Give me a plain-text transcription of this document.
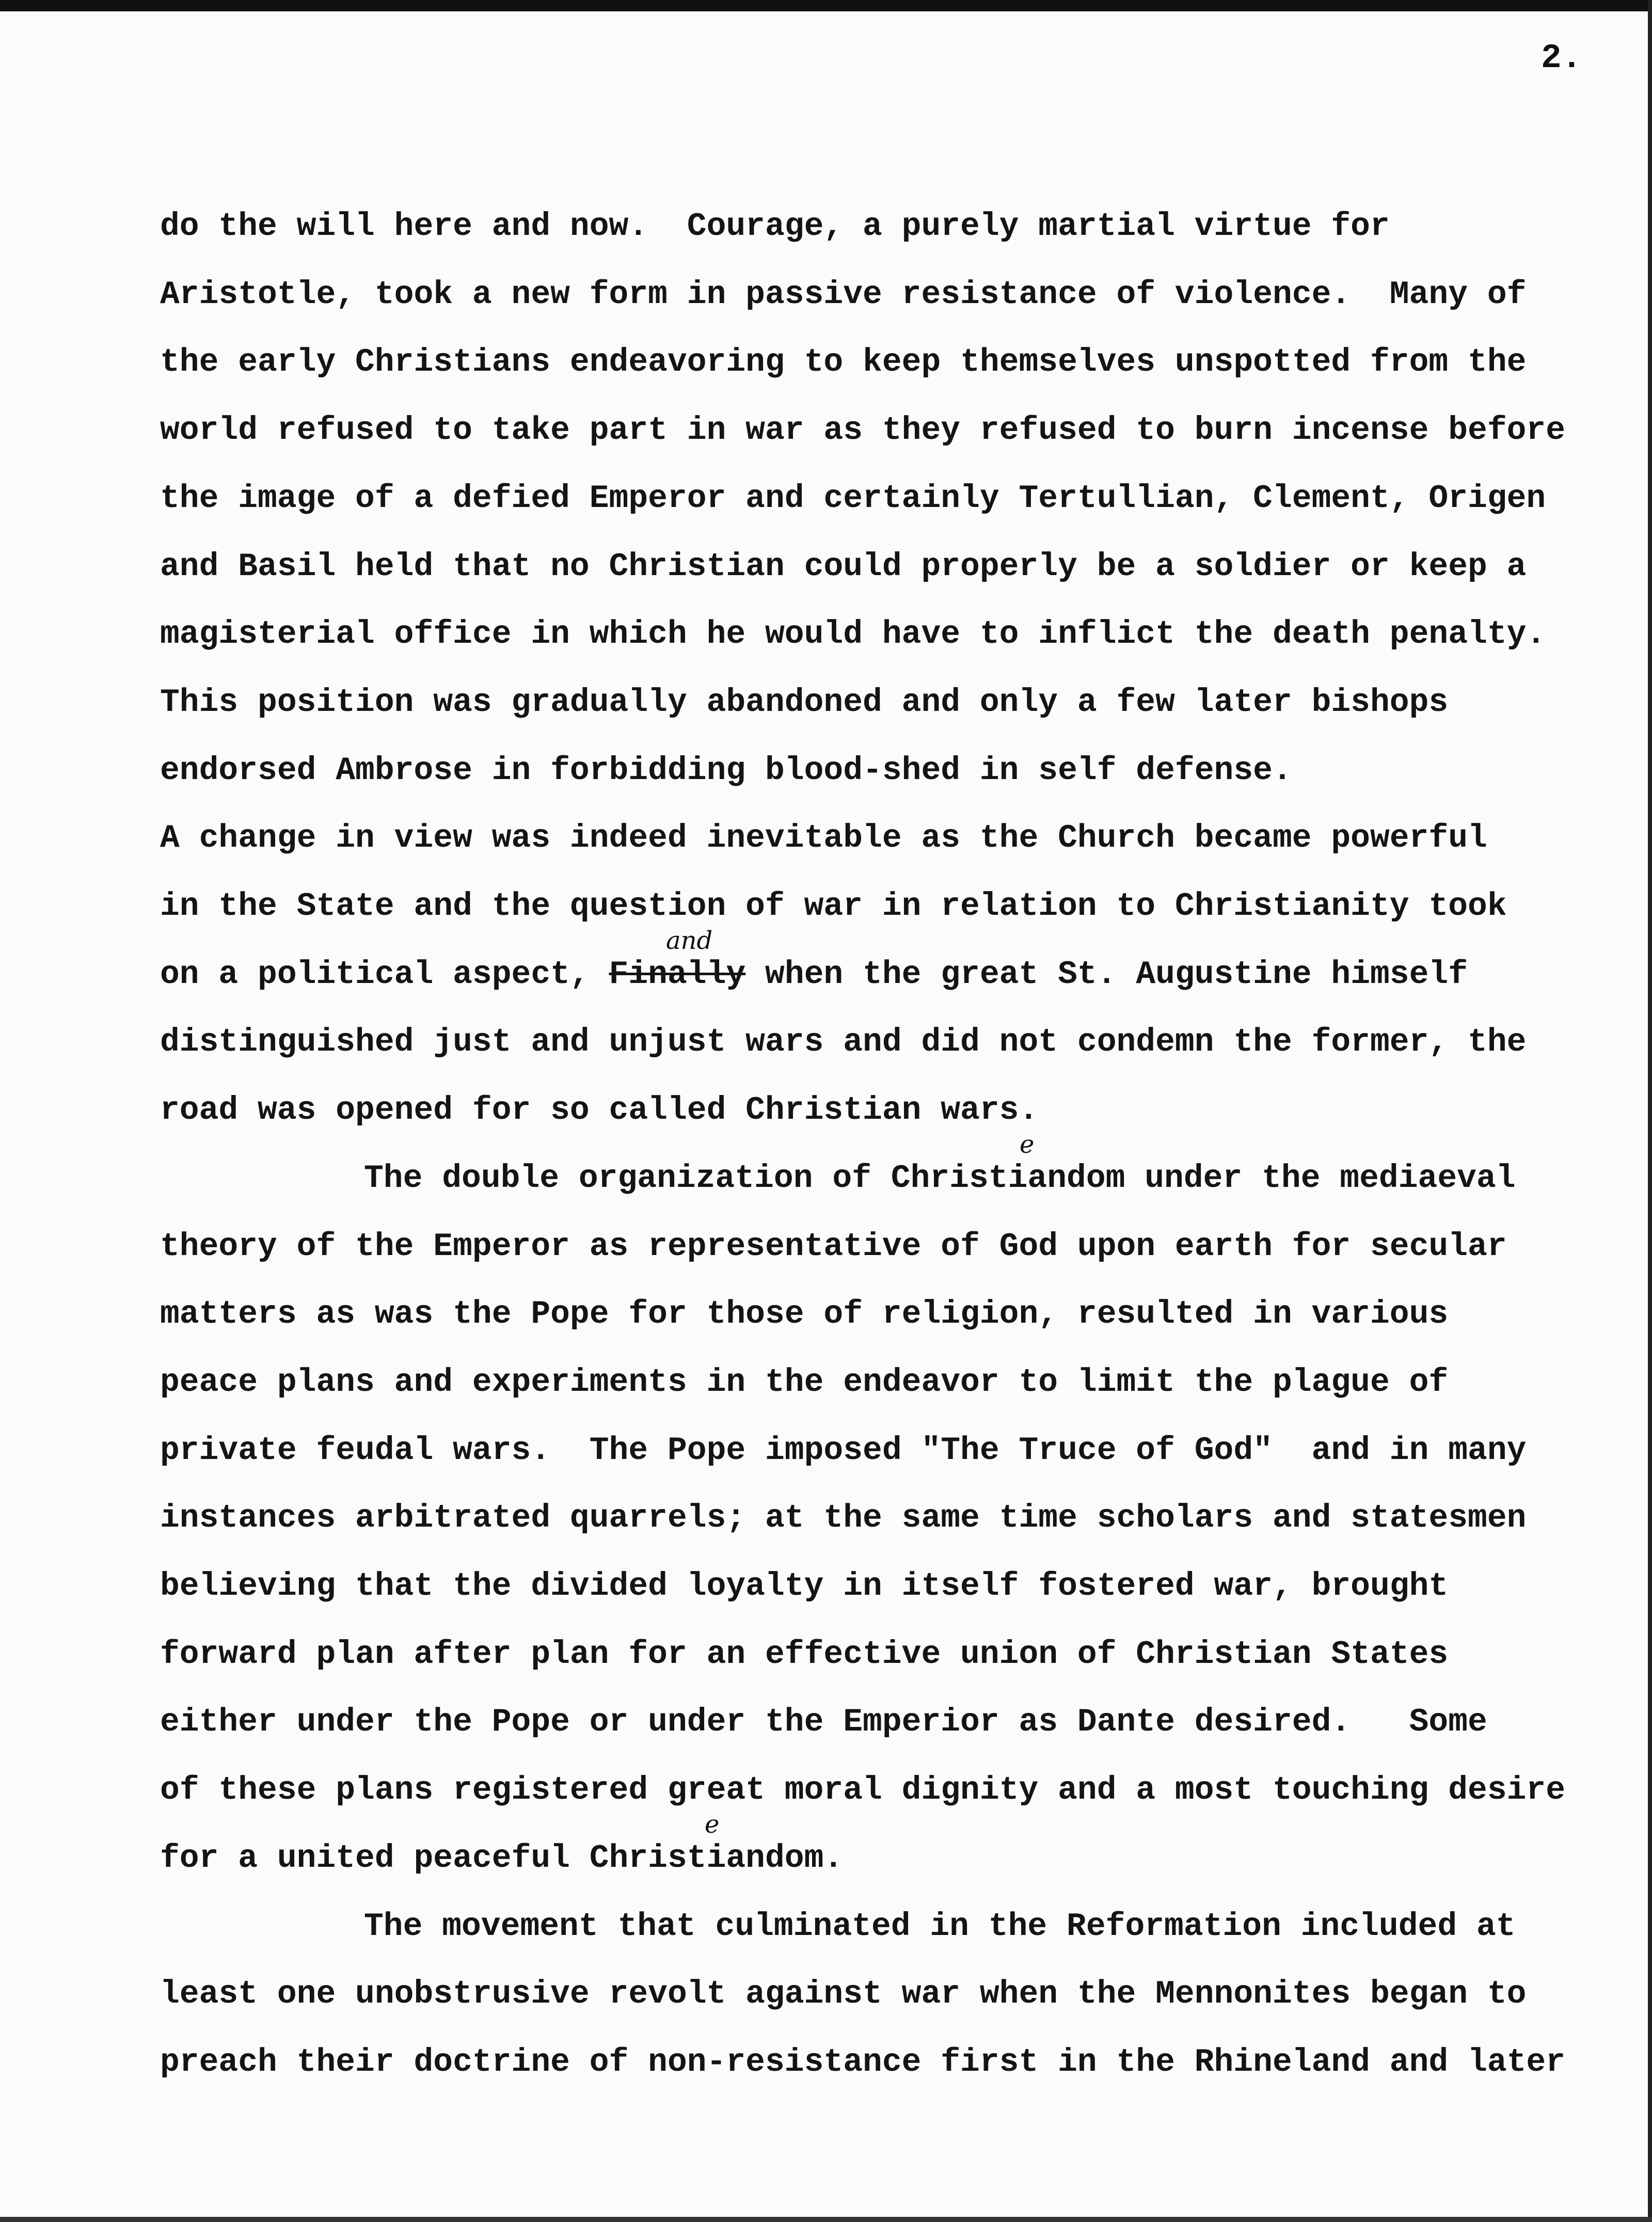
2.
do the will here and now.  Courage, a purely martial virtue for
Aristotle, took a new form in passive resistance of violence.  Many of
the early Christians endeavoring to keep themselves unspotted from the
world refused to take part in war as they refused to burn incense before
the image of a defied Emperor and certainly Tertullian, Clement, Origen
and Basil held that no Christian could properly be a soldier or keep a
magisterial office in which he would have to inflict the death penalty.
This position was gradually abandoned and only a few later bishops
endorsed Ambrose in forbidding blood-shed in self defense.
A change in view was indeed inevitable as the Church became powerful
in the State and the question of war in relation to Christianity took
distinguished just and unjust wars and did not condemn the former, the
road was opened for so called Christian wars.
The double organization of Christiandom under the mediaeval
theory of the Emperor as representative of God upon earth for secular
matters as was the Pope for those of religion, resulted in various
peace plans and experiments in the endeavor to limit the plague of
private feudal wars.  The Pope imposed "The Truce of God"  and in many
instances arbitrated quarrels; at the same time scholars and statesmen
believing that the divided loyalty in itself fostered war, brought
forward plan after plan for an effective union of Christian States
either under the Pope or under the Emperior as Dante desired.   Some
of these plans registered great moral dignity and a most touching desire
for a united peaceful Christiandom.
The movement that culminated in the Reformation included at
least one unobstrusive revolt against war when the Mennonites began to
preach their doctrine of non-resistance first in the Rhineland and later
on a political aspect, Finally when the great St. Augustine himself
and
e
e
